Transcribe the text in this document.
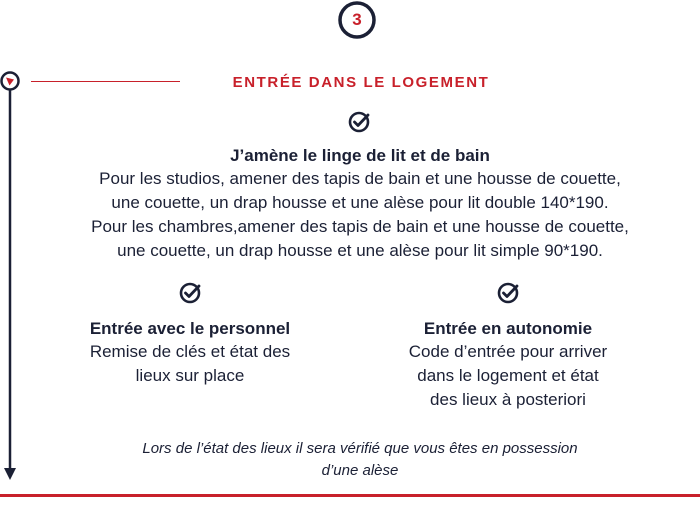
3
ENTRÉE DANS LE LOGEMENT
J’amène le linge de lit et de bain
Pour les studios, amener des tapis de bain et une housse de couette,
une couette, un drap housse et une alèse pour lit double 140*190.
Pour les chambres,amener des tapis de bain et une housse de couette,
une couette, un drap housse et une alèse pour lit simple 90*190.
Entrée avec le personnel
Remise de clés et état des
lieux sur place
Entrée en autonomie
Code d’entrée pour arriver
dans le logement et état
des lieux à posteriori
Lors de l’état des lieux il sera vérifié que vous êtes en possession
d’une alèse
